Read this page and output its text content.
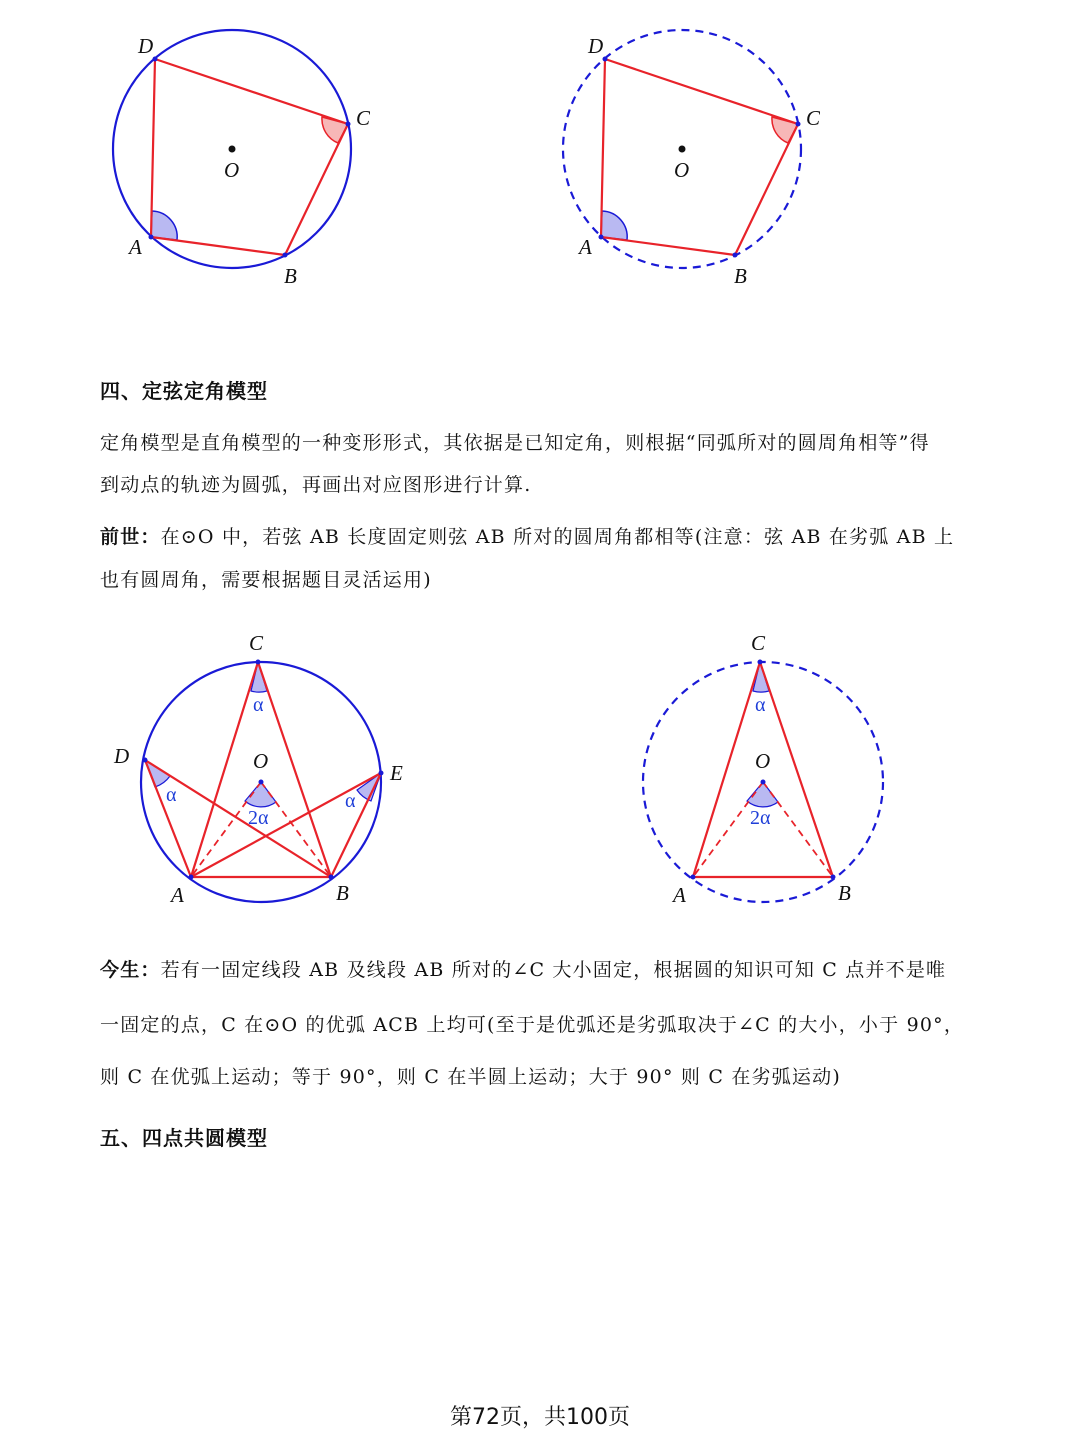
D
C
O
A
B
D
C
O
A
B
四、定弦定角模型
定角模型是直角模型的一种变形形式，其依据是已知定角，则根据“同弧所对的圆周角相等”得
到动点的轨迹为圆弧，再画出对应图形进行计算.
前世：在⊙O 中，若弦 AB 长度固定则弦 AB 所对的圆周角都相等(注意：弦 AB 在劣弧 AB 上
也有圆周角，需要根据题目灵活运用)
C
O
D
E
A	B
α
α	α
2α
C
O
A	B
α
2α
今生：若有一固定线段 AB 及线段 AB 所对的∠C 大小固定，根据圆的知识可知 C 点并不是唯
一固定的点，C 在⊙O 的优弧 ACB 上均可(至于是优弧还是劣弧取决于∠C 的大小，小于 90°，
则 C 在优弧上运动；等于 90°，则 C 在半圆上运动；大于 90° 则 C 在劣弧运动)
五、四点共圆模型
第72页，共100页
